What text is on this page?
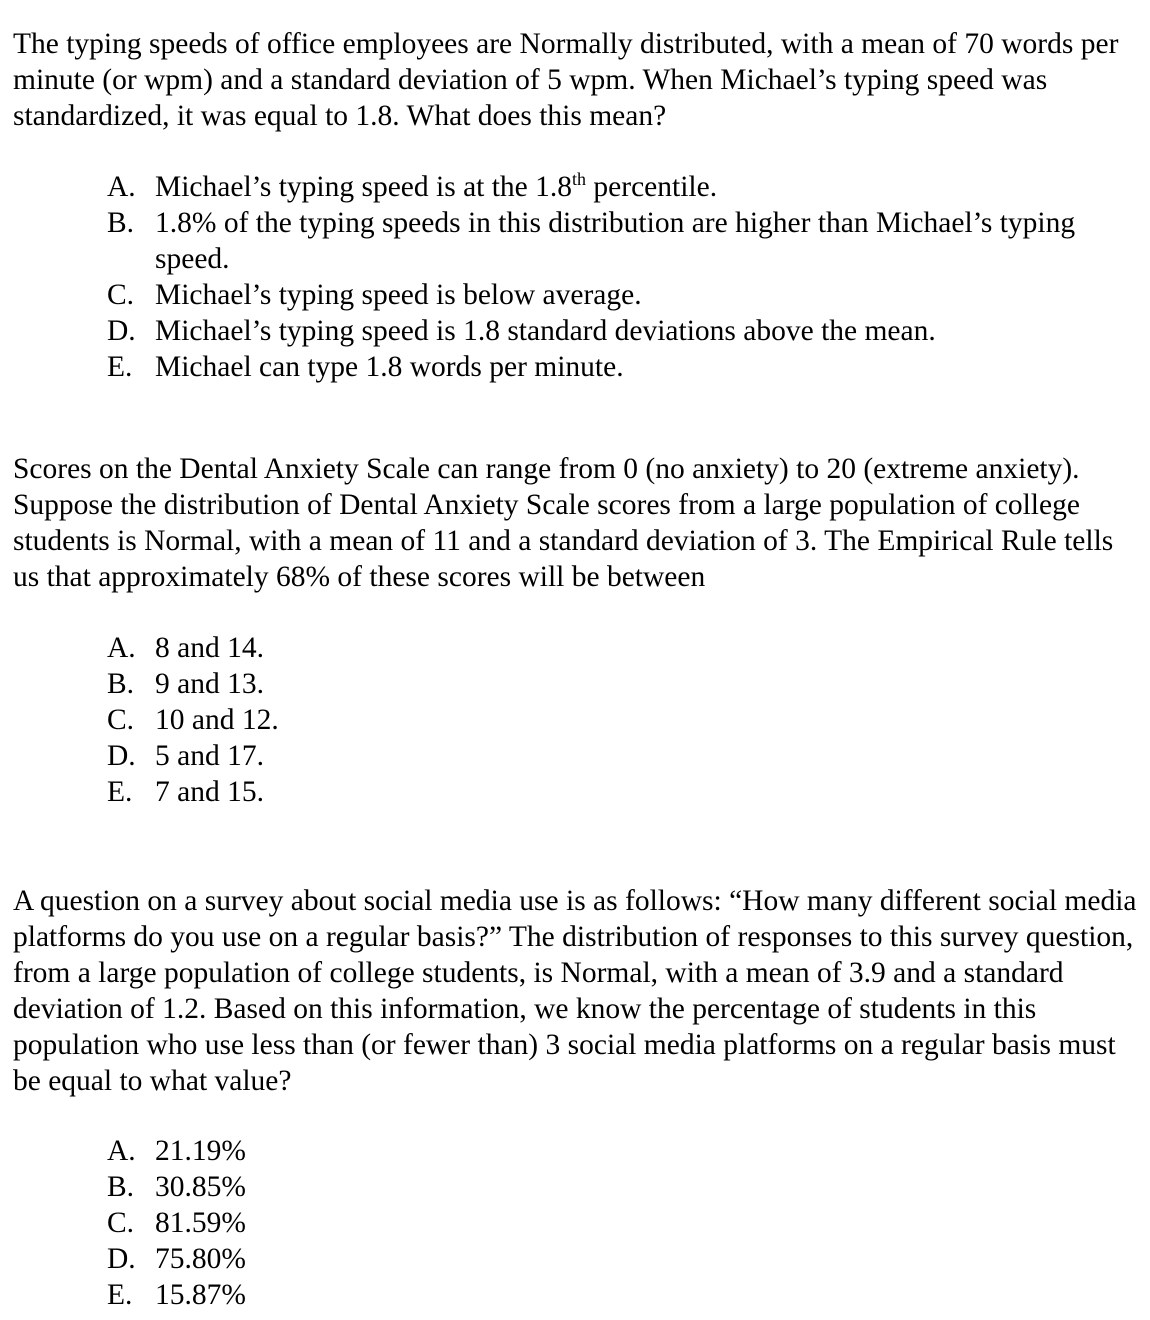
The typing speeds of office employees are Normally distributed, with a mean of 70 words per minute (or wpm) and a standard deviation of 5 wpm. When Michael’s typing speed was standardized, it was equal to 1.8. What does this mean?

A. Michael’s typing speed is at the 1.8th percentile.
B. 1.8% of the typing speeds in this distribution are higher than Michael’s typing speed.
C. Michael’s typing speed is below average.
D. Michael’s typing speed is 1.8 standard deviations above the mean.
E. Michael can type 1.8 words per minute.

Scores on the Dental Anxiety Scale can range from 0 (no anxiety) to 20 (extreme anxiety). Suppose the distribution of Dental Anxiety Scale scores from a large population of college students is Normal, with a mean of 11 and a standard deviation of 3. The Empirical Rule tells us that approximately 68% of these scores will be between

A. 8 and 14.
B. 9 and 13.
C. 10 and 12.
D. 5 and 17.
E. 7 and 15.

A question on a survey about social media use is as follows: “How many different social media platforms do you use on a regular basis?” The distribution of responses to this survey question, from a large population of college students, is Normal, with a mean of 3.9 and a standard deviation of 1.2. Based on this information, we know the percentage of students in this population who use less than (or fewer than) 3 social media platforms on a regular basis must be equal to what value?

A. 21.19%
B. 30.85%
C. 81.59%
D. 75.80%
E. 15.87%
